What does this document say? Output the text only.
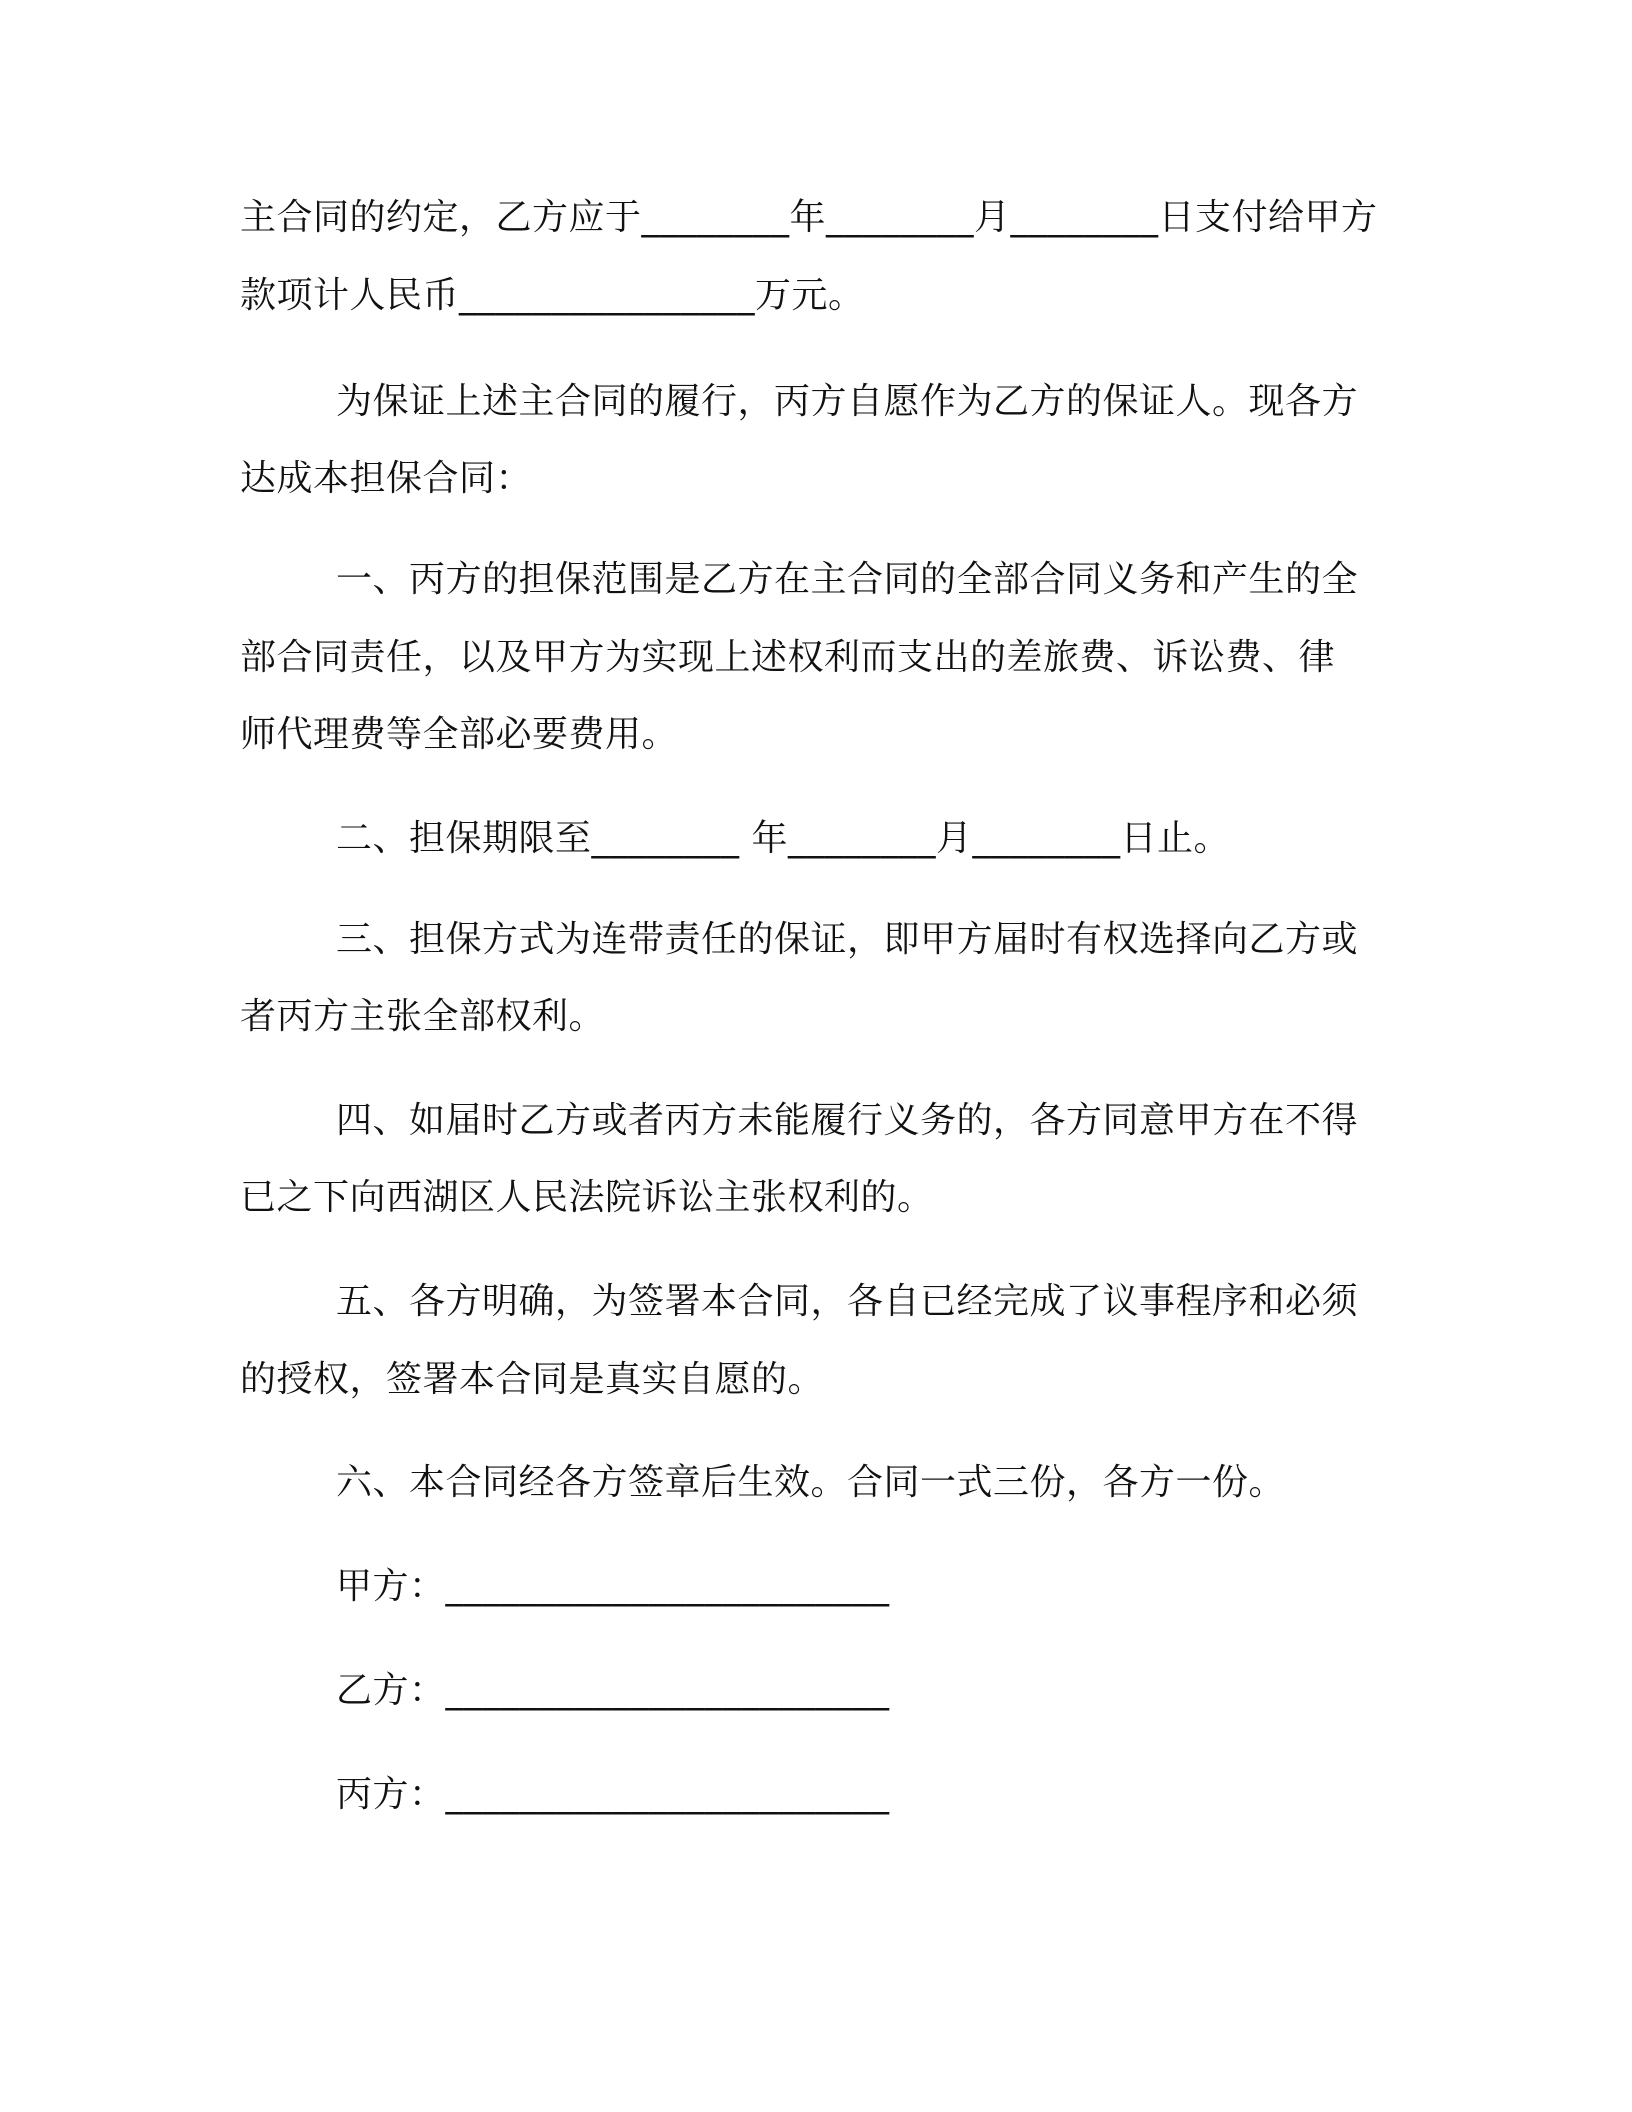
主合同的约定，乙方应于________年________月________日支付给甲方
款项计人民币________________万元。
为保证上述主合同的履行，丙方自愿作为乙方的保证人。现各方
达成本担保合同：
一、丙方的担保范围是乙方在主合同的全部合同义务和产生的全
部合同责任，以及甲方为实现上述权利而支出的差旅费、诉讼费、律
师代理费等全部必要费用。
二、担保期限至________ 年________月________日止。
三、担保方式为连带责任的保证，即甲方届时有权选择向乙方或
者丙方主张全部权利。
四、如届时乙方或者丙方未能履行义务的，各方同意甲方在不得
已之下向西湖区人民法院诉讼主张权利的。
五、各方明确，为签署本合同，各自已经完成了议事程序和必须
的授权，签署本合同是真实自愿的。
六、本合同经各方签章后生效。合同一式三份，各方一份。
甲方：________________________
乙方：________________________
丙方：________________________
